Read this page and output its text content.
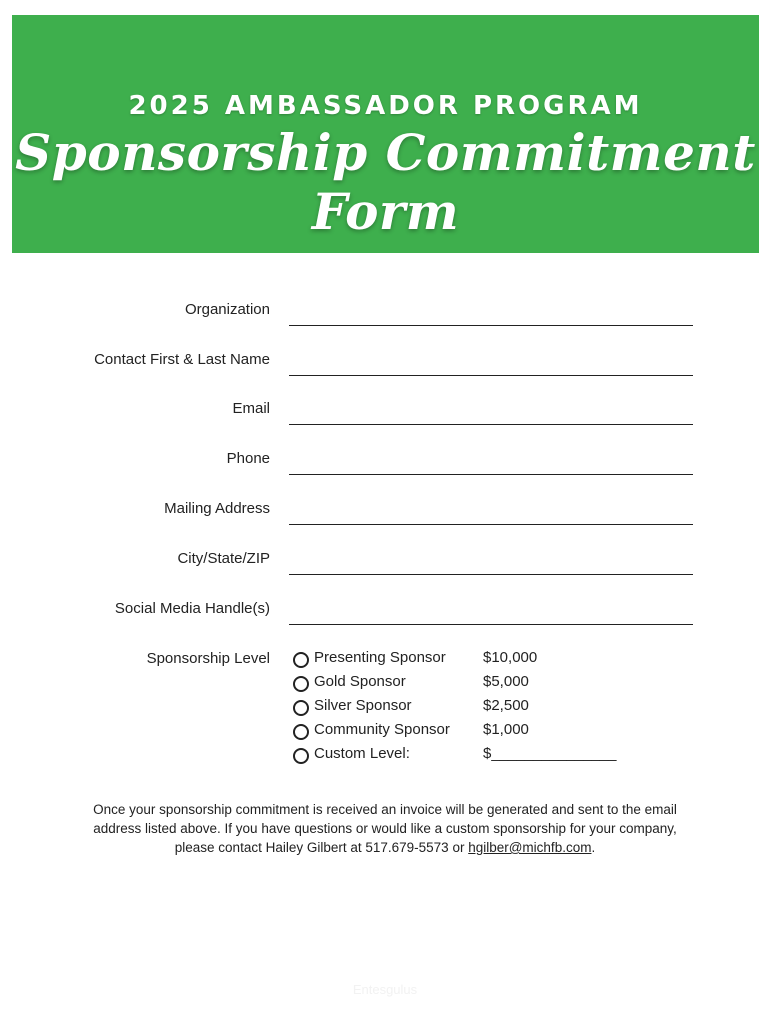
2025 AMBASSADOR PROGRAM
Sponsorship Commitment Form
Organization
Contact First & Last Name
Email
Phone
Mailing Address
City/State/ZIP
Social Media Handle(s)
Sponsorship Level	Presenting Sponsor $10,000
Gold Sponsor	$5,000
Silver Sponsor	$2,500
Community Sponsor $1,000
Custom Level:	$_______________
Once your sponsorship commitment is received an invoice will be generated and sent to the email address listed above. If you have questions or would like a custom sponsorship for your company, please contact Hailey Gilbert at 517.679-5573 or hgilber@michfb.com.
Entesgulus
